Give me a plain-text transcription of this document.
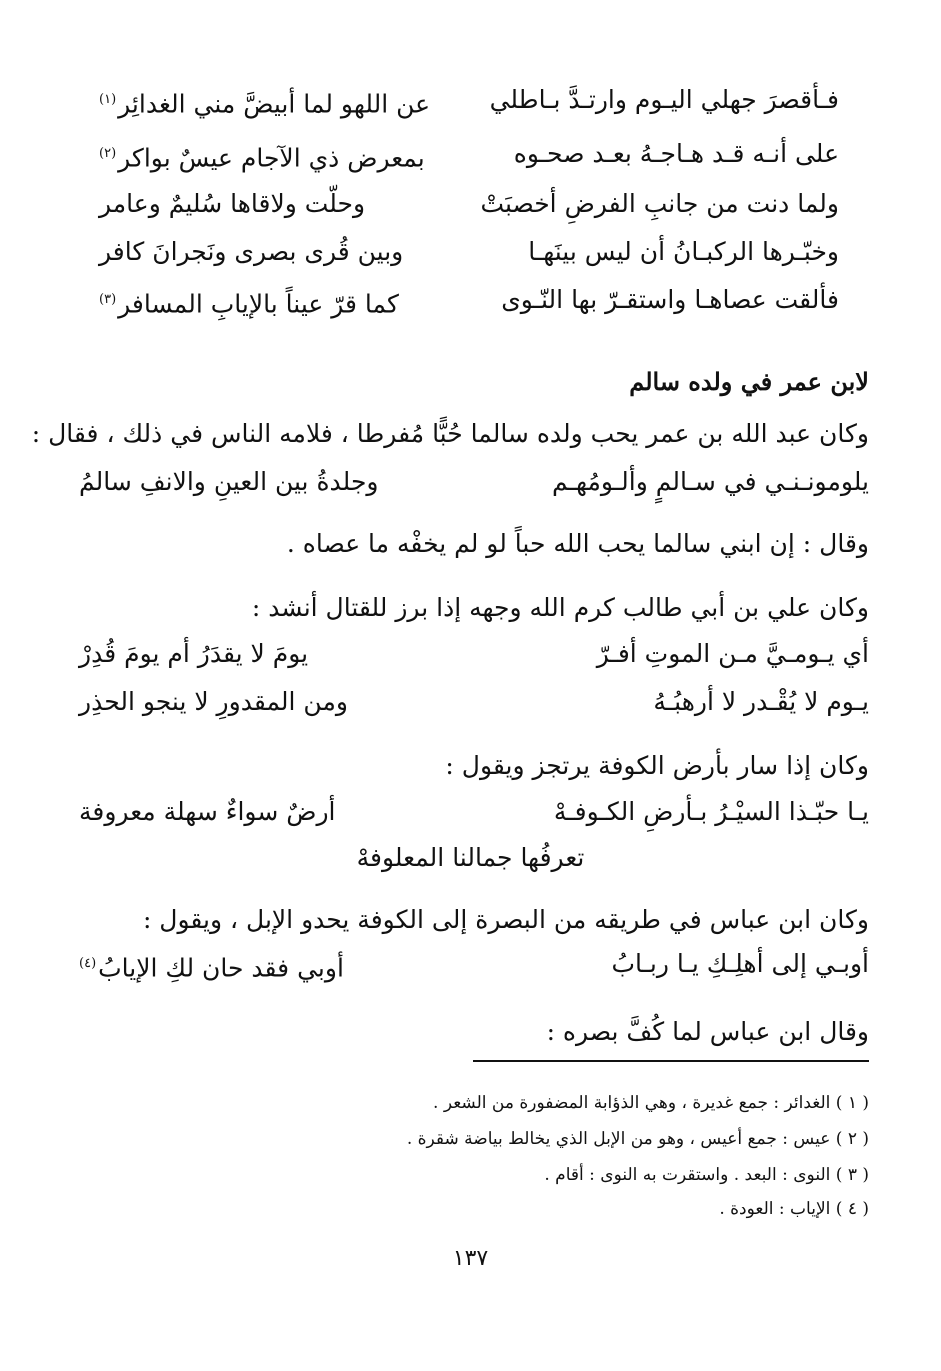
فـأقصرَ جهلي اليـوم وارتـدَّ بـاطلي
عن اللهو لما أبيضَّ مني الغدائِر$^{(١)}$
على أنـه قـد هـاجـهُ بعـد صحـوه
بمعرض ذي الآجام عيسٌ بواكر$^{(٢)}$
ولما دنت من جانبِ الفرضِ أخصبَتْ
وحلّت ولاقاها سُليمٌ وعامر
وخبّـرها الركبـانُ أن ليس بينَهـا
وبين قُرى بصرى ونَجرانَ كافر
فألقت عصاهـا واستقـرّ بها النّـوى
كما قرّ عيناً بالإيابِ المسافر$^{(٣)}$
لابن عمر في ولده سالم
وكان عبد الله بن عمر يحب ولده سالما حُبًّا مُفرطا ، فلامه الناس في ذلك ، فقال :
يلومونـنـي في سـالمٍ وألـومُهـم
وجلدةُ بين العينِ والانفِ سالمُ
وقال : إن ابني سالما يحب الله حباً لو لم يخفْه ما عصاه .
وكان علي بن أبي طالب كرم الله وجهه إذا برز للقتال أنشد :
أي يـومـيَّ مـن الموتِ أفـرّ
يومَ لا يقدَرُ أم يومَ قُدِرْ
يـوم لا يُقْـدر لا أرهبُـهُ
ومن المقدورِ لا ينجو الحذِر
وكان إذا سار بأرض الكوفة يرتجز ويقول :
يـا حبّـذا السيْـرُ بـأرضِ الكـوفـهْ
أرضٌ سواءٌ سهلة معروفة
تعرفُها جمالنا المعلوفهْ
وكان ابن عباس في طريقه من البصرة إلى الكوفة يحدو الإبل ، ويقول :
أوبـي إلى أهلِـكِ يـا ربـابُ
أوبي فقد حان لكِ الإيابُ$^{(٤)}$
وقال ابن عباس لما كُفَّ بصره :
( ١ ) الغدائر : جمع غديرة ، وهي الذؤابة المضفورة من الشعر .
( ٢ ) عيس : جمع أعيس ، وهو من الإبل الذي يخالط بياضة شقرة .
( ٣ ) النوى : البعد . واستقرت به النوى : أقام .
( ٤ ) الإياب : العودة .
١٣٧
